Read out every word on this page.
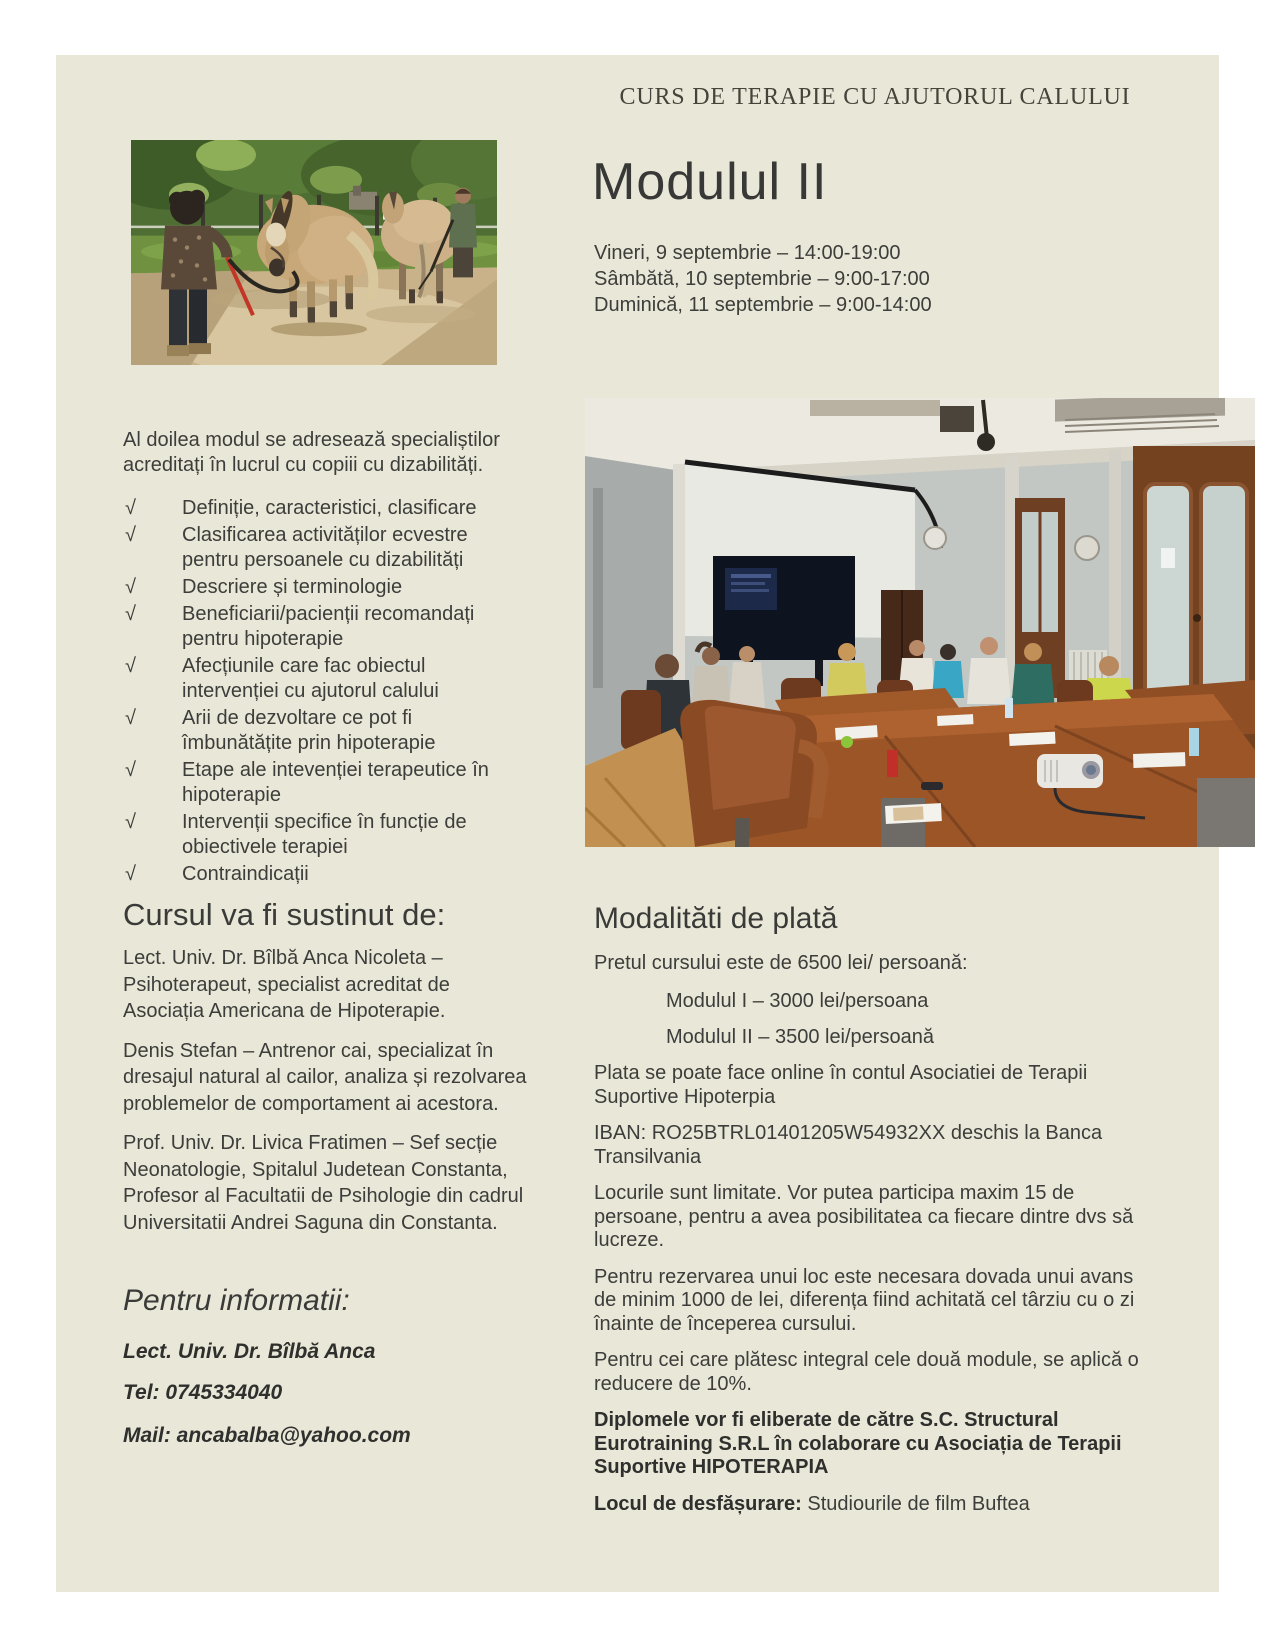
CURS DE TERAPIE CU AJUTORUL CALULUI
Modulul II
Vineri, 9 septembrie – 14:00-19:00
Sâmbătă, 10 septembrie – 9:00-17:00
Duminică, 11 septembrie – 9:00-14:00
Al doilea modul se adresează specialiștilor acreditați în lucrul cu copiii cu dizabilități.
√	Definiție, caracteristici, clasificare
√	Clasificarea activităților ecvestre pentru persoanele cu dizabilități
√	Descriere și terminologie
√	Beneficiarii/pacienții recomandați pentru hipoterapie
√	Afecțiunile care fac obiectul intervenției cu ajutorul calului
√	Arii de dezvoltare ce pot fi îmbunătățite prin hipoterapie
√	Etape ale intevenției terapeutice în hipoterapie
√	Intervenții specifice în funcție de obiectivele terapiei
√	Contraindicații
Cursul va fi sustinut de:

Lect. Univ. Dr. Bîlbă Anca Nicoleta – Psihoterapeut, specialist acreditat de Asociația Americana de Hipoterapie.

Denis Stefan – Antrenor cai, specializat în dresajul natural al cailor, analiza și rezolvarea problemelor de comportament ai acestora.

Prof. Univ. Dr. Livica Fratimen – Sef secție Neonatologie, Spitalul Judetean Constanta, Profesor al Facultatii de Psihologie din cadrul Universitatii Andrei Saguna din Constanta.

Pentru informatii:
Lect. Univ. Dr. Bîlbă Anca
Tel: 0745334040
Mail: ancabalba@yahoo.com
Modalităti de plată
Pretul cursului este de 6500 lei/ persoană:
Modulul I – 3000 lei/persoana
Modulul II – 3500 lei/persoană

Plata se poate face online în contul Asociatiei de Terapii Suportive Hipoterpia

IBAN: RO25BTRL01401205W54932XX deschis la Banca Transilvania

Locurile sunt limitate. Vor putea participa maxim 15 de persoane, pentru a avea posibilitatea ca fiecare dintre dvs să lucreze.

Pentru rezervarea unui loc este necesara dovada unui avans de minim 1000 de lei, diferența fiind achitată cel târziu cu o zi înainte de începerea cursului.

Pentru cei care plătesc integral cele două module, se aplică o reducere de 10%.

Diplomele vor fi eliberate de către S.C. Structural Eurotraining S.R.L în colaborare cu Asociația de Terapii Suportive HIPOTERAPIA

Locul de desfășurare: Studiourile de film Buftea
